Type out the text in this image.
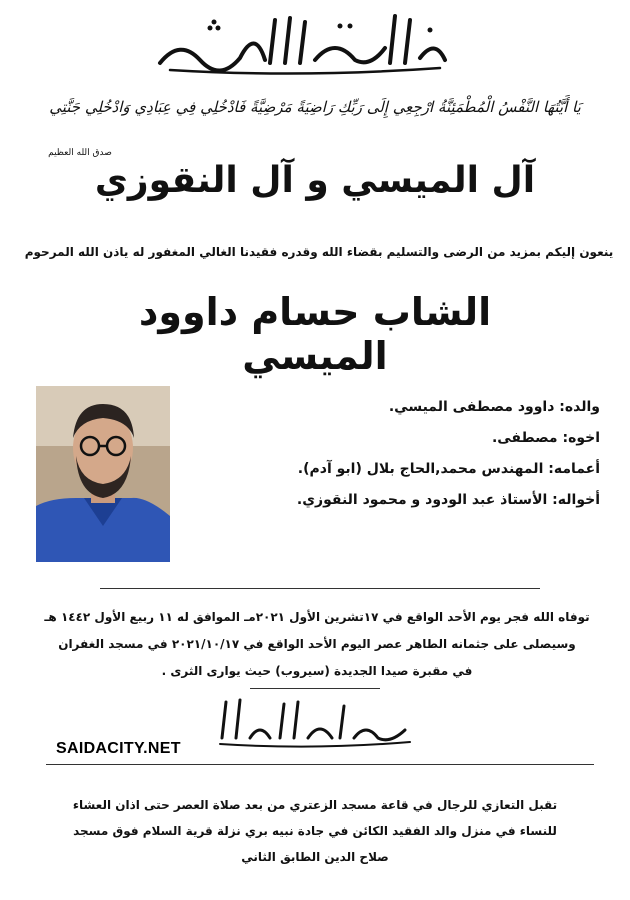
يَا أَيَّتُهَا النَّفْسُ الْمُطْمَئِنَّةُ ارْجِعِي إِلَى رَبِّكِ رَاضِيَةً مَرْضِيَّةً فَادْخُلِي فِي عِبَادِي وَادْخُلِي جَنَّتِي
صدق الله العظيم
آل الميسي و آل النقوزي
ينعون إليكم بمزيد من الرضى والتسليم بقضاء الله وقدره فقيدنا الغالي المغفور له ياذن الله المرحوم
الشاب حسام داوود الميسي
والده: داوود مصطفى الميسي.
اخوه: مصطفى.
أعمامه: المهندس محمد,الحاج بلال (ابو آدم).
أخواله: الأستاذ عبد الودود و محمود النقوزي.
توفاه الله فجر يوم الأحد الواقع في ١٧تشرين الأول ٢٠٢١مـ الموافق له ١١ ربيع الأول ١٤٤٢ هـ
وسيصلى على جثمانه الطاهر عصر اليوم الأحد الواقع في ٢٠٢١/١٠/١٧ في مسجد الغفران
في مقبرة صيدا الجديدة (سيروب) حيث يوارى الثرى .
SAIDACITY.NET
تقبل التعازي للرجال في قاعة مسجد الزعتري من بعد صلاة العصر حتى اذان العشاء
للنساء في منزل والد الفقيد الكائن في جادة نبيه بري نزلة قرية السلام فوق مسجد
صلاح الدين الطابق الثاني
